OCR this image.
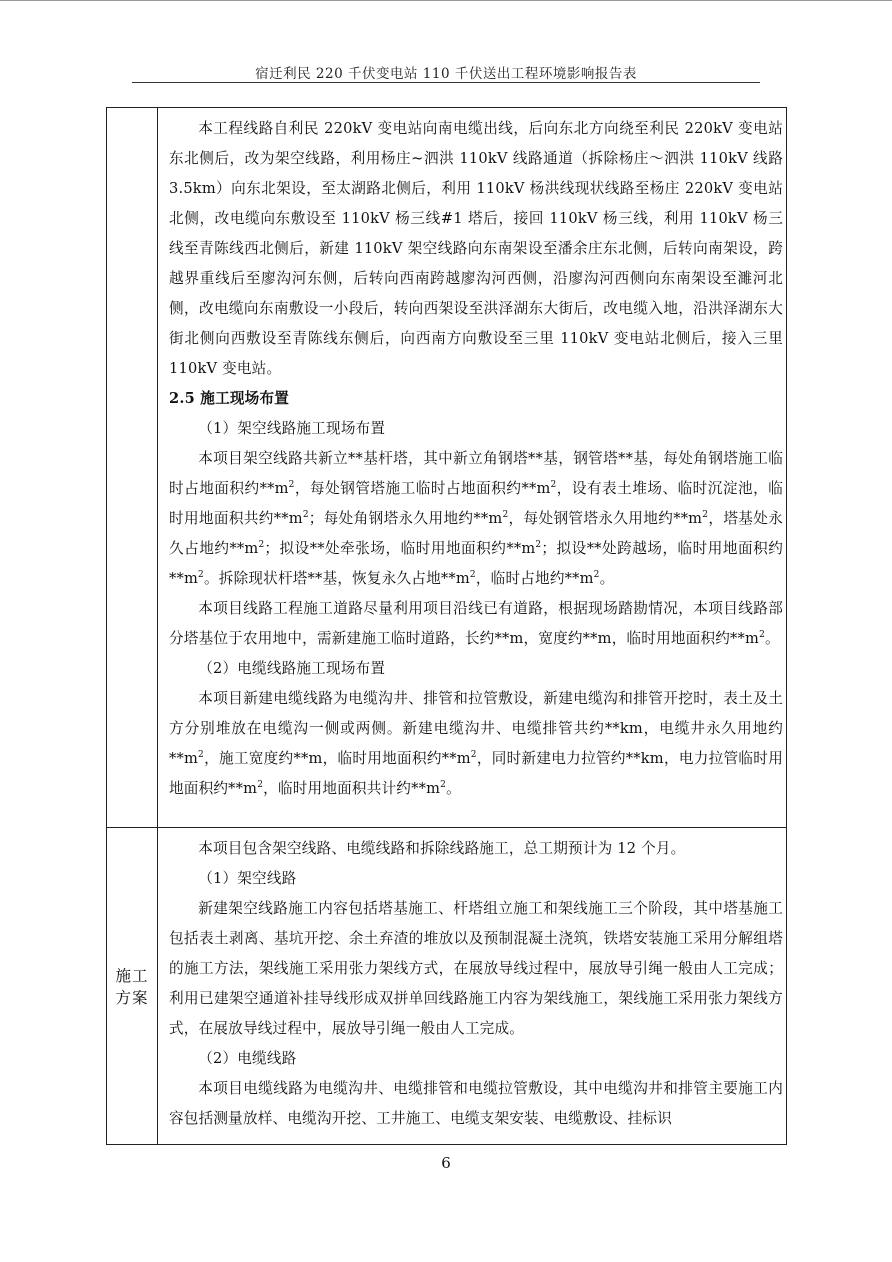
宿迁利民 220 千伏变电站 110 千伏送出工程环境影响报告表

本工程线路自利民 220kV 变电站向南电缆出线，后向东北方向绕至利民 220kV 变电站东北侧后，改为架空线路，利用杨庄~泗洪 110kV 线路通道（拆除杨庄～泗洪 110kV 线路 3.5km）向东北架设，至太湖路北侧后，利用 110kV 杨洪线现状线路至杨庄 220kV 变电站北侧，改电缆向东敷设至 110kV 杨三线#1 塔后，接回 110kV 杨三线，利用 110kV 杨三线至青陈线西北侧后，新建 110kV 架空线路向东南架设至潘余庄东北侧，后转向南架设，跨越界重线后至廖沟河东侧，后转向西南跨越廖沟河西侧，沿廖沟河西侧向东南架设至濉河北侧，改电缆向东南敷设一小段后，转向西架设至洪泽湖东大街后，改电缆入地，沿洪泽湖东大街北侧向西敷设至青陈线东侧后，向西南方向敷设至三里 110kV 变电站北侧后，接入三里 110kV 变电站。

2.5 施工现场布置

（1）架空线路施工现场布置

本项目架空线路共新立**基杆塔，其中新立角钢塔**基，钢管塔**基，每处角钢塔施工临时占地面积约$**m^2$，每处钢管塔施工临时占地面积约$**m^2$，设有表土堆场、临时沉淀池，临时用地面积共约$**m^2$；每处角钢塔永久用地约$**m^2$，每处钢管塔永久用地约$**m^2$，塔基处永久占地约$**m^2$；拟设**处牵张场，临时用地面积约$**m^2$；拟设**处跨越场，临时用地面积约$**m^2$。拆除现状杆塔**基，恢复永久占地$**m^2$，临时占地约$**m^2$。

本项目线路工程施工道路尽量利用项目沿线已有道路，根据现场踏勘情况，本项目线路部分塔基位于农用地中，需新建施工临时道路，长约**m，宽度约**m，临时用地面积约$**m^2$。

（2）电缆线路施工现场布置

本项目新建电缆线路为电缆沟井、排管和拉管敷设，新建电缆沟和排管开挖时，表土及土方分别堆放在电缆沟一侧或两侧。新建电缆沟井、电缆排管共约**km，电缆井永久用地约$**m^2$，施工宽度约**m，临时用地面积约$**m^2$，同时新建电力拉管约**km，电力拉管临时用地面积约$**m^2$，临时用地面积共计约$**m^2$。

施工方案

本项目包含架空线路、电缆线路和拆除线路施工，总工期预计为 12 个月。

（1）架空线路

新建架空线路施工内容包括塔基施工、杆塔组立施工和架线施工三个阶段，其中塔基施工包括表土剥离、基坑开挖、余土弃渣的堆放以及预制混凝土浇筑，铁塔安装施工采用分解组塔的施工方法，架线施工采用张力架线方式，在展放导线过程中，展放导引绳一般由人工完成；利用已建架空通道补挂导线形成双拼单回线路施工内容为架线施工，架线施工采用张力架线方式，在展放导线过程中，展放导引绳一般由人工完成。

（2）电缆线路

本项目电缆线路为电缆沟井、电缆排管和电缆拉管敷设，其中电缆沟井和排管主要施工内容包括测量放样、电缆沟开挖、工井施工、电缆支架安装、电缆敷设、挂标识

6
